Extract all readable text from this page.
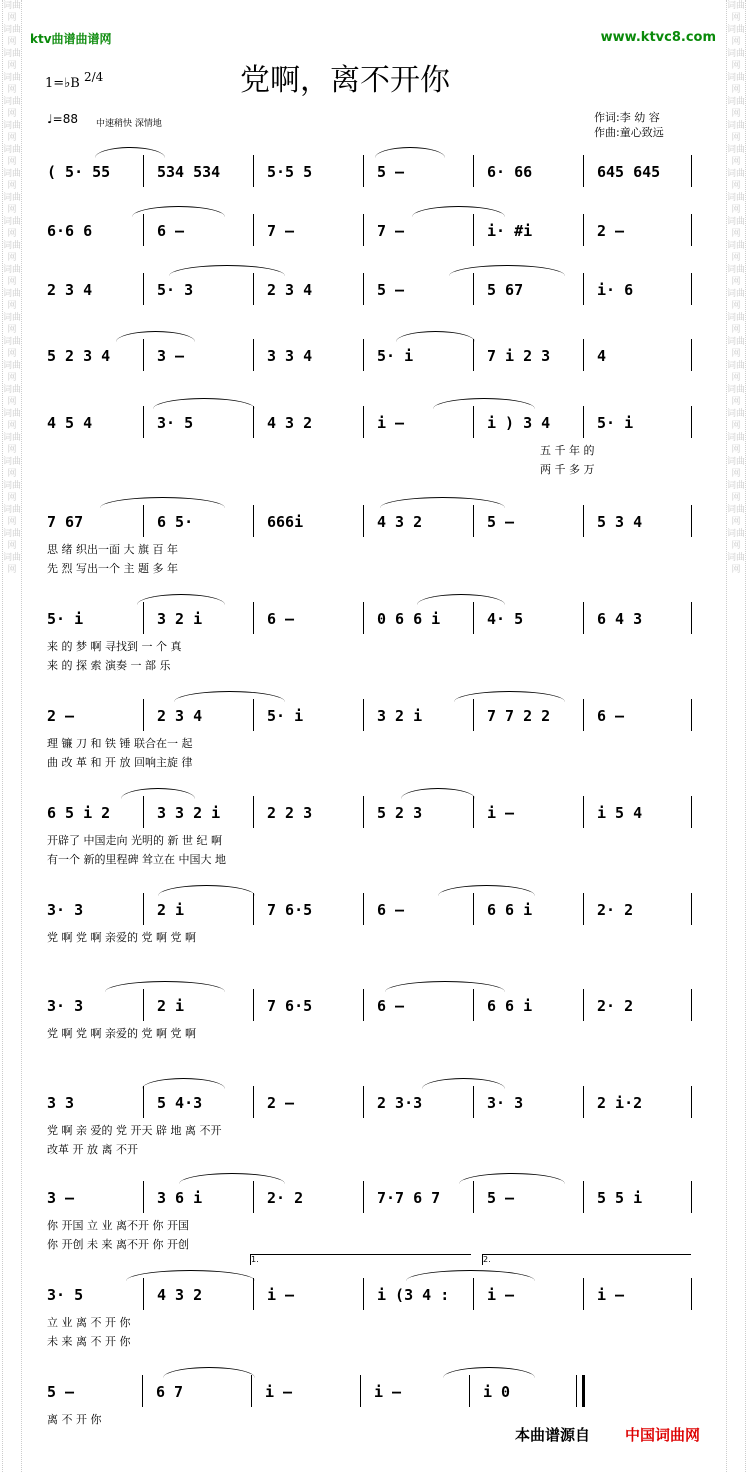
词曲网 词曲网 词曲网 词曲网 词曲网 词曲网 词曲网 词曲网 词曲网 词曲网 词曲网 词曲网 词曲网 词曲网 词曲网 词曲网 词曲网 词曲网 词曲网 词曲网 词曲网 词曲网 词曲网 词曲网
词曲网 词曲网 词曲网 词曲网 词曲网 词曲网 词曲网 词曲网 词曲网 词曲网 词曲网 词曲网 词曲网 词曲网 词曲网 词曲网 词曲网 词曲网 词曲网 词曲网 词曲网 词曲网 词曲网 词曲网
ktv曲谱曲谱网	www.ktvc8.com
党啊，离不开你
1=♭B 2/4
♩=88 中速稍快 深情地	作词:李 幼 容
作曲:童心致远
( 5· 55	534 534	5·5 5	5 –	6· 66	645 645
6·6 6	6 –	7 –	7 –	i· #i	2 –
2 3 4	5· 3	2 3 4	5 –	5 67	i· 6
5 2 3 4	3 –	3 3 4	5· i	7 i 2 3	4
4 5 4	3· 5	4 3 2	i –	i ) 3 4	5· i
五 千 年 的
两 千 多 万
7 67	6 5·	666i	4 3 2	5 –	5 3 4
思 绪 织出一面 大 旗 百 年
先 烈 写出一个 主 题 多 年
5· i	3 2 i	6 –	0 6 6 i	4· 5	6 4 3
来 的 梦 啊 寻找到 一 个 真
来 的 探 索 演奏 一 部 乐
2 –	2 3 4	5· i	3 2 i	7 7 2 2	6 –
理 镰 刀 和 铁 锤 联合在一 起
曲 改 革 和 开 放 回响主旋 律
6 5 i 2	3 3 2 i	2 2 3	5 2 3	i –	i 5 4
开辟了 中国走向 光明的 新 世 纪 啊
有一个 新的里程碑 耸立在 中国大 地
3· 3	2 i	7 6·5	6 –	6 6 i	2· 2
党 啊 党 啊 亲爱的 党 啊 党 啊
3· 3	2 i	7 6·5	6 –	6 6 i	2· 2
党 啊 党 啊 亲爱的 党 啊 党 啊
3 3	5 4·3	2 –	2 3·3	3· 3	2 i·2
党 啊 亲 爱的 党 开天 辟 地 离 不开
改革 开 放 离 不开
3 –	3 6 i	2· 2	7·7 6 7	5 –	5 5 i
你 开国 立 业 离不开 你 开国
你 开创 未 来 离不开 你 开创
3· 5	4 3 2	i –	i (3 4 :	i –	i –
1.	2.
立 业 离 不 开 你
未 来 离 不 开 你
5 –	6 7	i –	i –	i 0
离 不 开 你
本曲谱源自 中国词曲网
